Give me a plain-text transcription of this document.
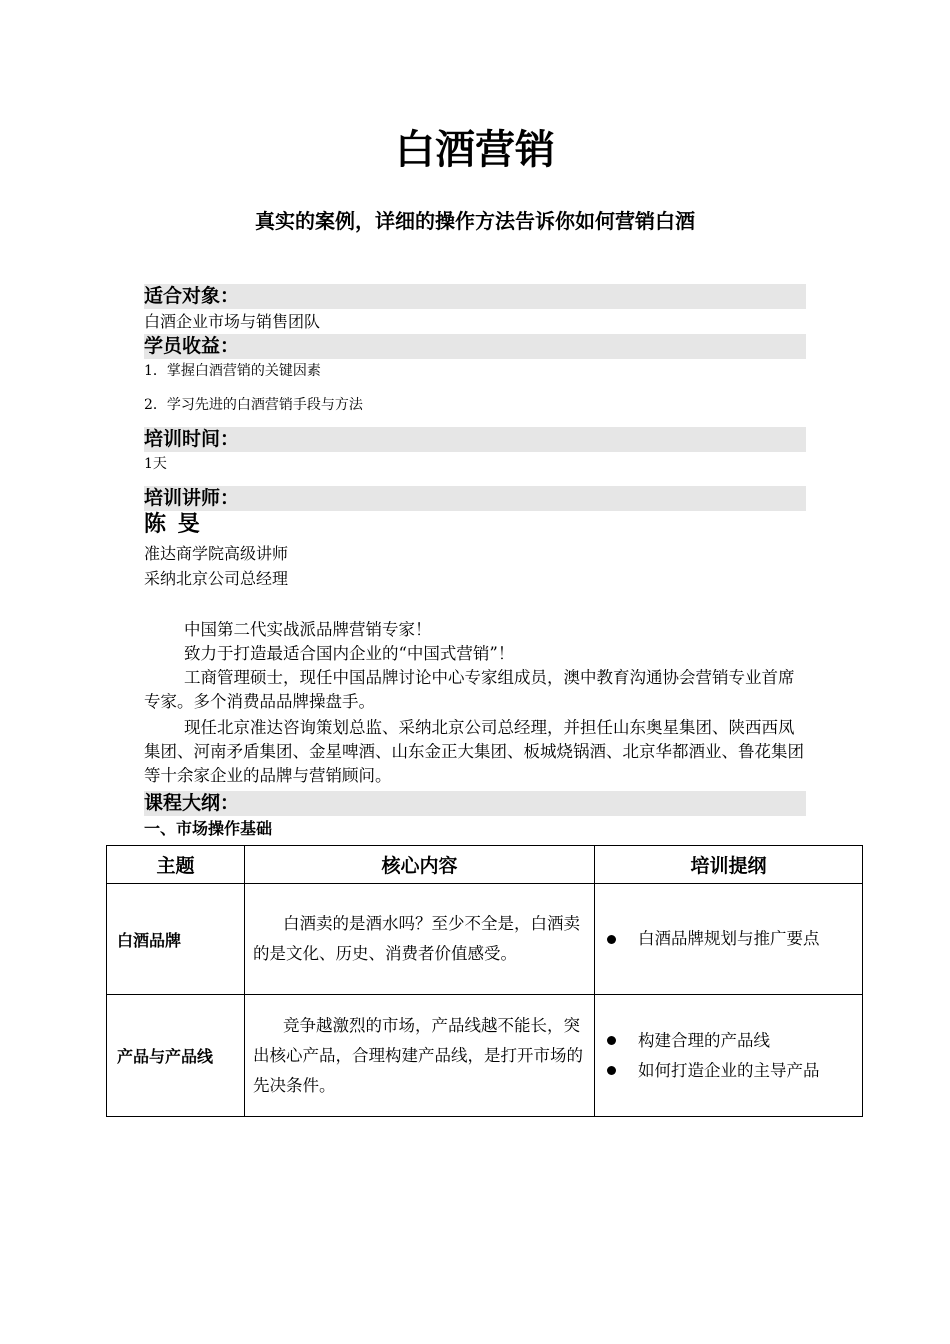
白酒营销
真实的案例，详细的操作方法告诉你如何营销白酒
适合对象：
白酒企业市场与销售团队
学员收益：
1．掌握白酒营销的关键因素
2．学习先进的白酒营销手段与方法
培训时间：
1天
培训讲师：
陈 旻
准达商学院高级讲师
采纳北京公司总经理
中国第二代实战派品牌营销专家！
致力于打造最适合国内企业的“中国式营销”！
工商管理硕士，现任中国品牌讨论中心专家组成员，澳中教育沟通协会营销专业首席专家。多个消费品品牌操盘手。
现任北京准达咨询策划总监、采纳北京公司总经理，并担任山东奥星集团、陕西西凤集团、河南矛盾集团、金星啤酒、山东金正大集团、板城烧锅酒、北京华都酒业、鲁花集团等十余家企业的品牌与营销顾问。
课程大纲：
一、市场操作基础
主题	核心内容	培训提纲
白酒品牌	白酒卖的是酒水吗？至少不全是，白酒卖的是文化、历史、消费者价值感受。	白酒品牌规划与推广要点

产品与产品线	竞争越激烈的市场，产品线越不能长，突出核心产品，合理构建产品线，是打开市场的先决条件。	构建合理的产品线
如何打造企业的主导产品
